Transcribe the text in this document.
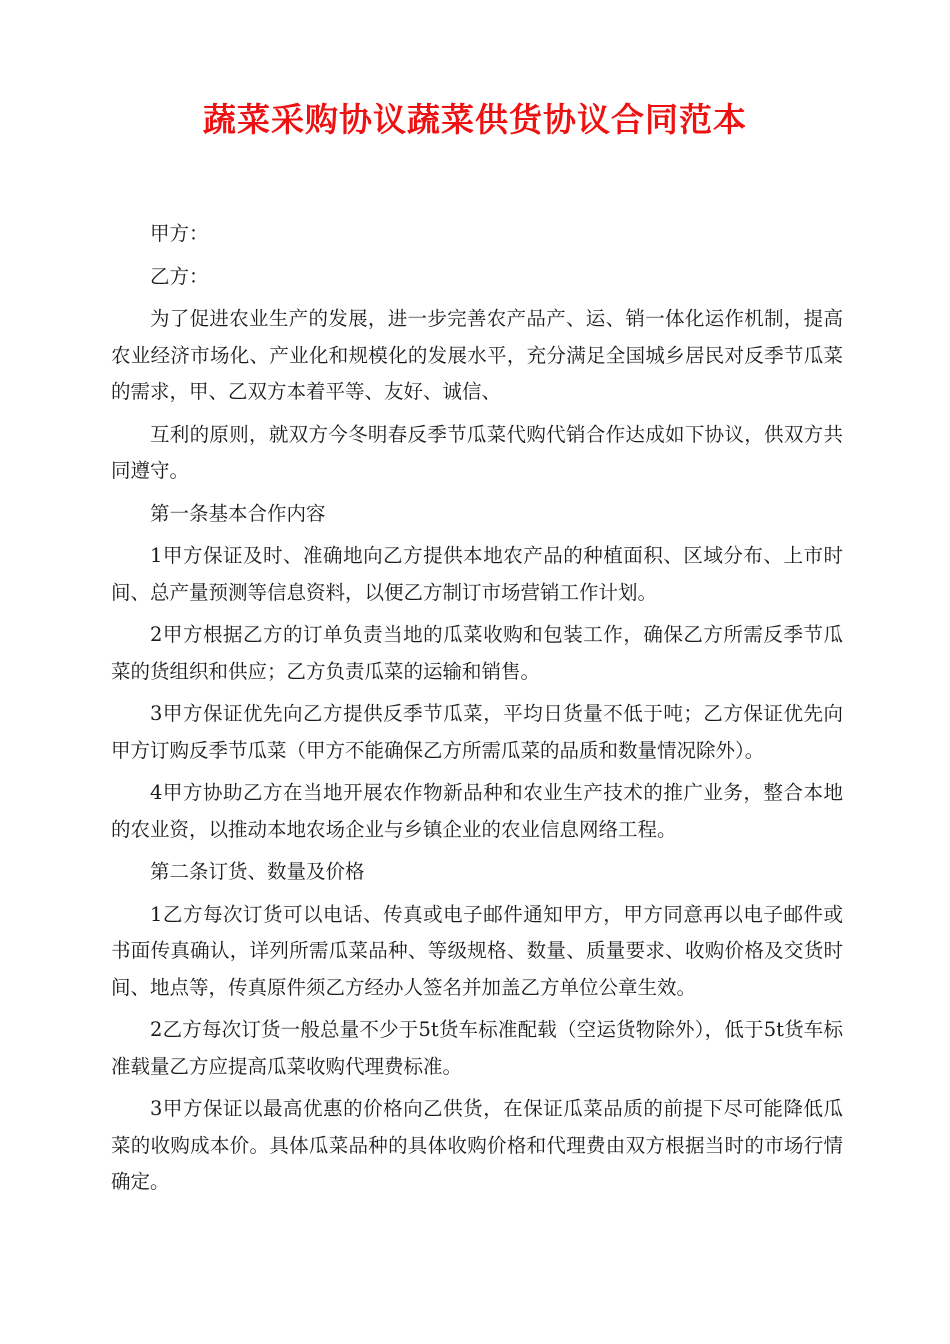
蔬菜采购协议蔬菜供货协议合同范本

甲方：

乙方：

为了促进农业生产的发展，进一步完善农产品产、运、销一体化运作机制，提高农业经济市场化、产业化和规模化的发展水平，充分满足全国城乡居民对反季节瓜菜的需求，甲、乙双方本着平等、友好、诚信、

互利的原则，就双方今冬明春反季节瓜菜代购代销合作达成如下协议，供双方共同遵守。

第一条基本合作内容

1甲方保证及时、准确地向乙方提供本地农产品的种植面积、区域分布、上市时间、总产量预测等信息资料，以便乙方制订市场营销工作计划。

2甲方根据乙方的订单负责当地的瓜菜收购和包装工作，确保乙方所需反季节瓜菜的货组织和供应；乙方负责瓜菜的运输和销售。

3甲方保证优先向乙方提供反季节瓜菜，平均日货量不低于吨；乙方保证优先向甲方订购反季节瓜菜（甲方不能确保乙方所需瓜菜的品质和数量情况除外）。

4甲方协助乙方在当地开展农作物新品种和农业生产技术的推广业务，整合本地的农业资，以推动本地农场企业与乡镇企业的农业信息网络工程。

第二条订货、数量及价格

1乙方每次订货可以电话、传真或电子邮件通知甲方，甲方同意再以电子邮件或书面传真确认，详列所需瓜菜品种、等级规格、数量、质量要求、收购价格及交货时间、地点等，传真原件须乙方经办人签名并加盖乙方单位公章生效。

2乙方每次订货一般总量不少于5t货车标准配载（空运货物除外），低于5t货车标准载量乙方应提高瓜菜收购代理费标准。

3甲方保证以最高优惠的价格向乙供货，在保证瓜菜品质的前提下尽可能降低瓜菜的收购成本价。具体瓜菜品种的具体收购价格和代理费由双方根据当时的市场行情确定。
